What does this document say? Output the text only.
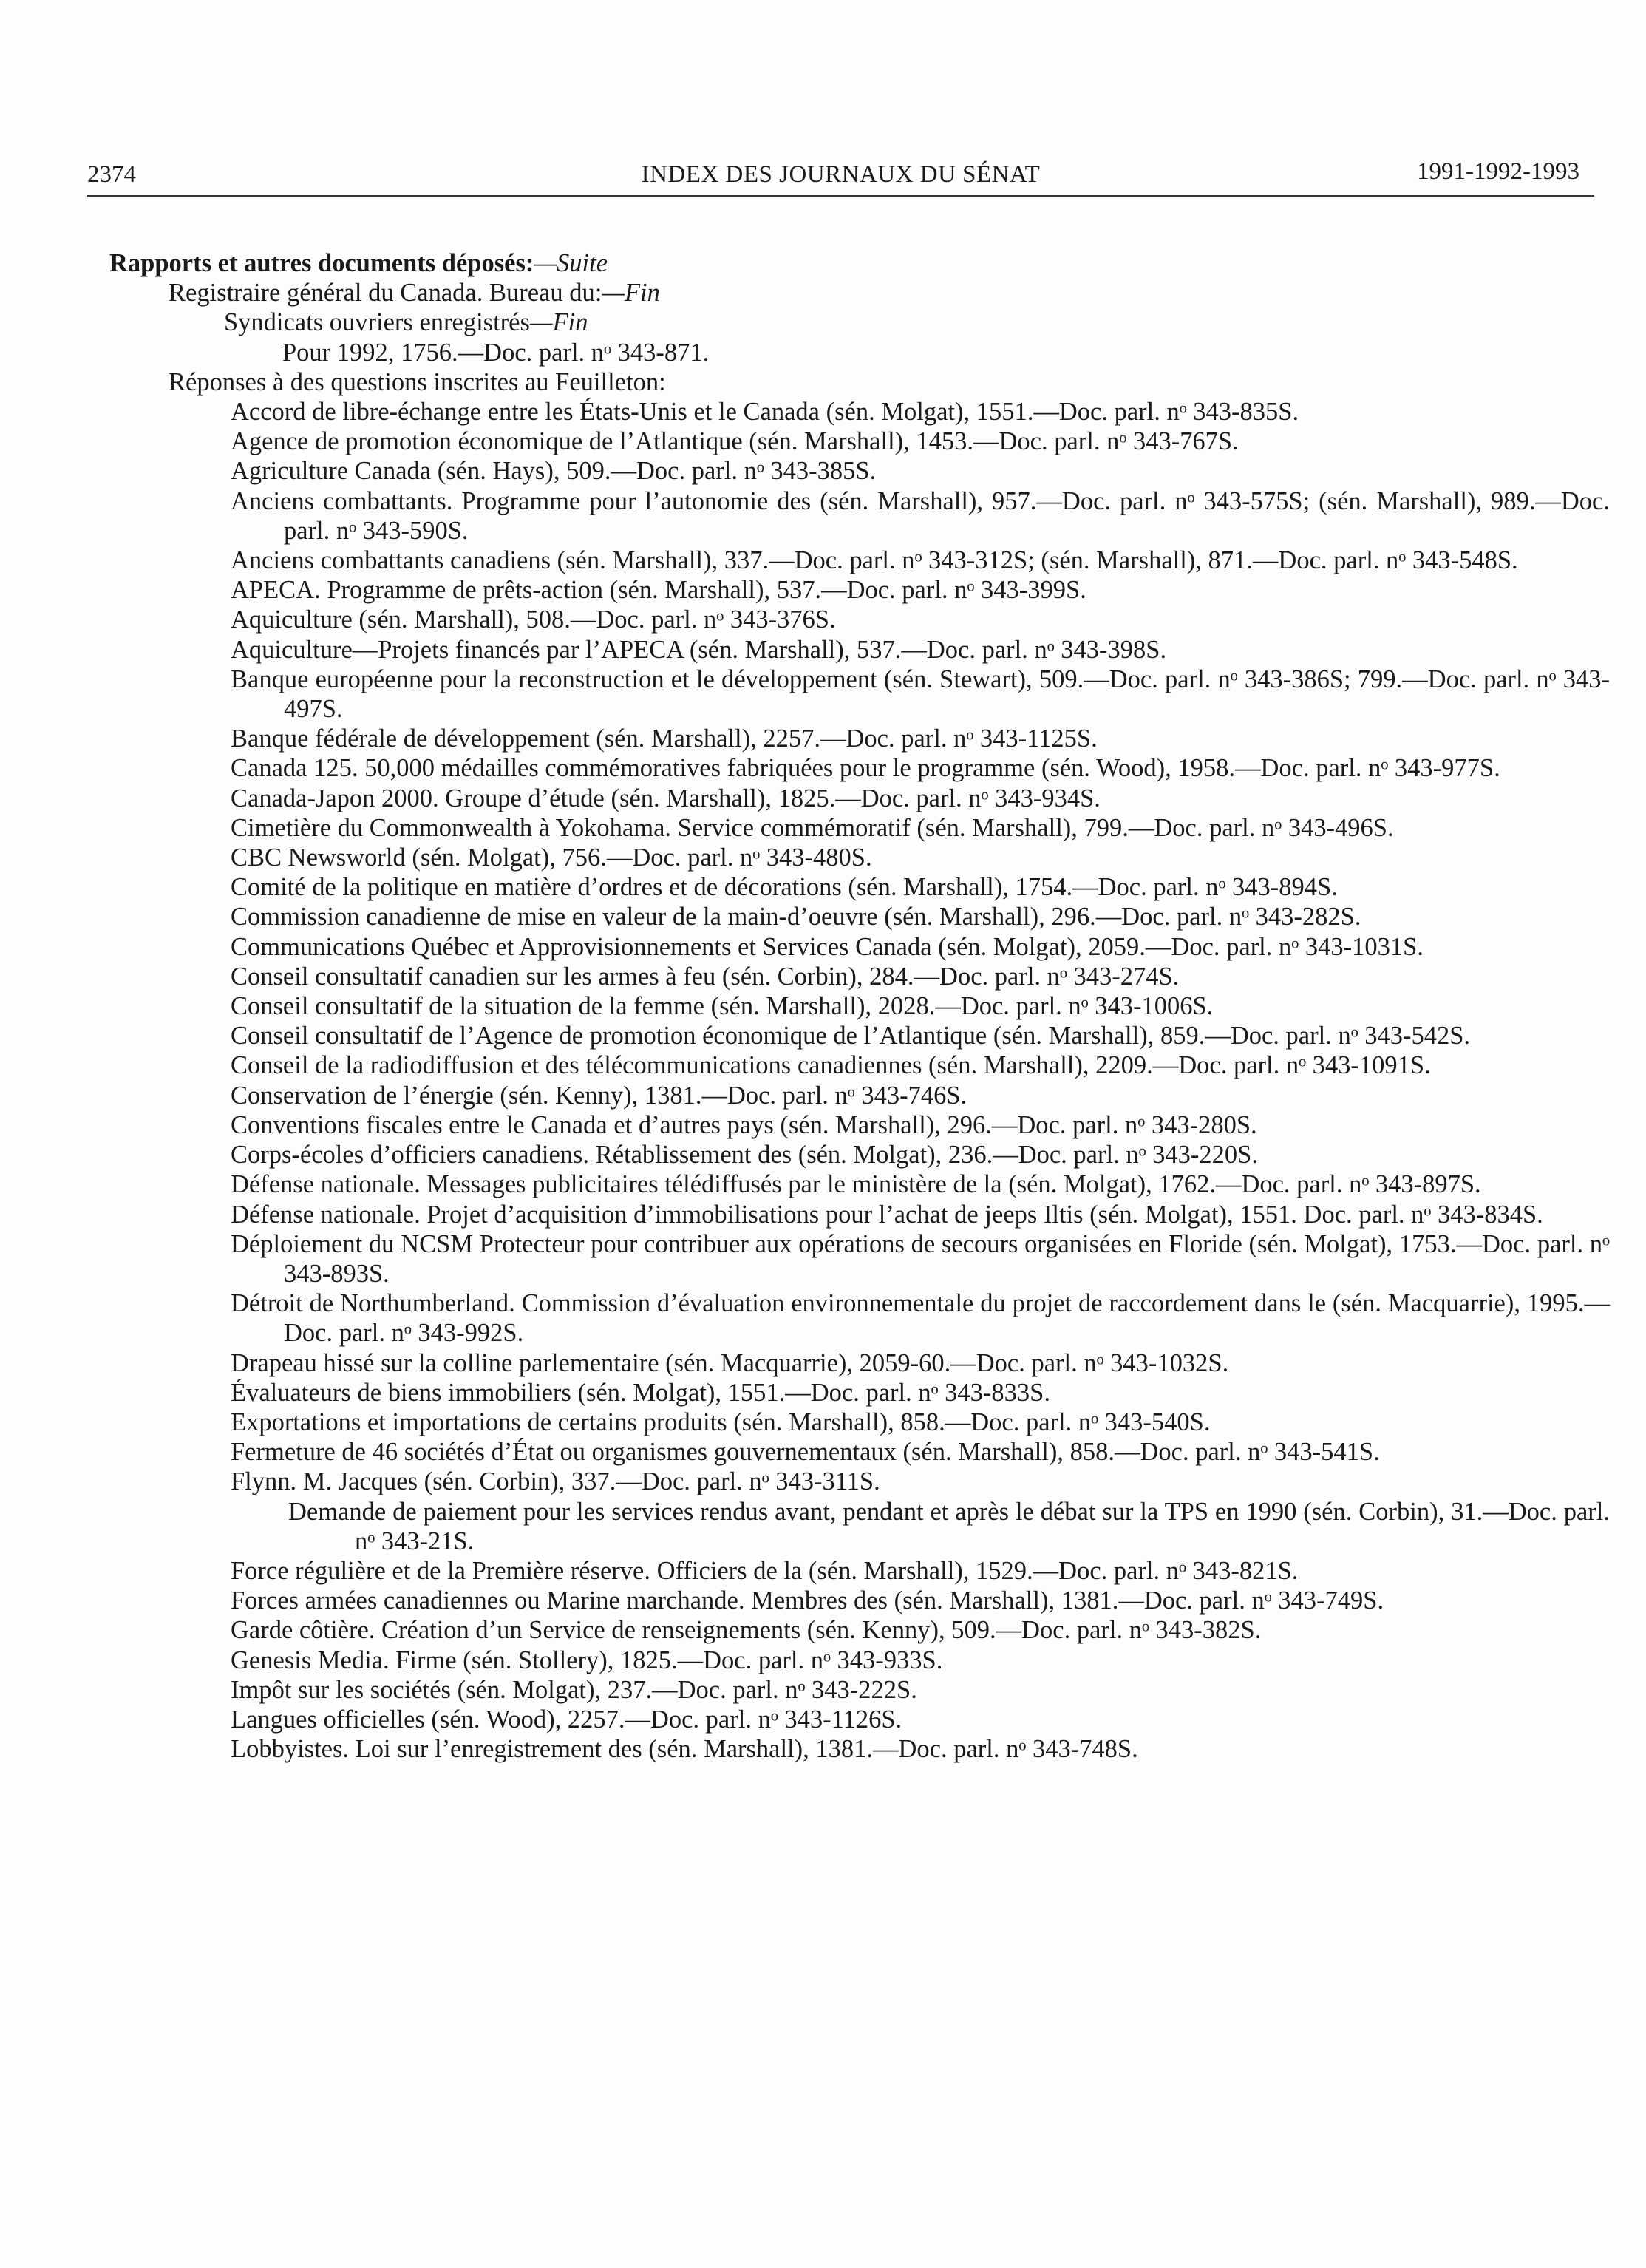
2374	INDEX DES JOURNAUX DU SÉNAT	1991-1992-1993

Rapports et autres documents déposés:—Suite

Registraire général du Canada. Bureau du:—Fin

Syndicats ouvriers enregistrés—Fin

Pour 1992, 1756.—Doc. parl. nᵒ 343-871.

Réponses à des questions inscrites au Feuilleton:

Accord de libre-échange entre les États-Unis et le Canada (sén. Molgat), 1551.—Doc. parl. nᵒ 343-835S.

Agence de promotion économique de l’Atlantique (sén. Marshall), 1453.—Doc. parl. nᵒ 343-767S.

Agriculture Canada (sén. Hays), 509.—Doc. parl. nᵒ 343-385S.

Anciens combattants. Programme pour l’autonomie des (sén. Marshall), 957.—Doc. parl. nᵒ 343-575S; (sén. Marshall), 989.—Doc. parl. nᵒ 343-590S.

Anciens combattants canadiens (sén. Marshall), 337.—Doc. parl. nᵒ 343-312S; (sén. Marshall), 871.—Doc. parl. nᵒ 343-548S.

APECA. Programme de prêts-action (sén. Marshall), 537.—Doc. parl. nᵒ 343-399S.

Aquiculture (sén. Marshall), 508.—Doc. parl. nᵒ 343-376S.

Aquiculture—Projets financés par l’APECA (sén. Marshall), 537.—Doc. parl. nᵒ 343-398S.

Banque européenne pour la reconstruction et le développement (sén. Stewart), 509.—Doc. parl. nᵒ 343-386S; 799.—Doc. parl. nᵒ 343-497S.

Banque fédérale de développement (sén. Marshall), 2257.—Doc. parl. nᵒ 343-1125S.

Canada 125. 50,000 médailles commémoratives fabriquées pour le programme (sén. Wood), 1958.—Doc. parl. nᵒ 343-977S.

Canada-Japon 2000. Groupe d’étude (sén. Marshall), 1825.—Doc. parl. nᵒ 343-934S.

Cimetière du Commonwealth à Yokohama. Service commémoratif (sén. Marshall), 799.—Doc. parl. nᵒ 343-496S.

CBC Newsworld (sén. Molgat), 756.—Doc. parl. nᵒ 343-480S.

Comité de la politique en matière d’ordres et de décorations (sén. Marshall), 1754.—Doc. parl. nᵒ 343-894S.

Commission canadienne de mise en valeur de la main-d’oeuvre (sén. Marshall), 296.—Doc. parl. nᵒ 343-282S.

Communications Québec et Approvisionnements et Services Canada (sén. Molgat), 2059.—Doc. parl. nᵒ 343-1031S.

Conseil consultatif canadien sur les armes à feu (sén. Corbin), 284.—Doc. parl. nᵒ 343-274S.

Conseil consultatif de la situation de la femme (sén. Marshall), 2028.—Doc. parl. nᵒ 343-1006S.

Conseil consultatif de l’Agence de promotion économique de l’Atlantique (sén. Marshall), 859.—Doc. parl. nᵒ 343-542S.

Conseil de la radiodiffusion et des télécommunications canadiennes (sén. Marshall), 2209.—Doc. parl. nᵒ 343-1091S.

Conservation de l’énergie (sén. Kenny), 1381.—Doc. parl. nᵒ 343-746S.

Conventions fiscales entre le Canada et d’autres pays (sén. Marshall), 296.—Doc. parl. nᵒ 343-280S.

Corps-écoles d’officiers canadiens. Rétablissement des (sén. Molgat), 236.—Doc. parl. nᵒ 343-220S.

Défense nationale. Messages publicitaires télédiffusés par le ministère de la (sén. Molgat), 1762.—Doc. parl. nᵒ 343-897S.

Défense nationale. Projet d’acquisition d’immobilisations pour l’achat de jeeps Iltis (sén. Molgat), 1551. Doc. parl. nᵒ 343-834S.

Déploiement du NCSM Protecteur pour contribuer aux opérations de secours organisées en Floride (sén. Molgat), 1753.—Doc. parl. nᵒ 343-893S.

Détroit de Northumberland. Commission d’évaluation environnementale du projet de raccordement dans le (sén. Macquarrie), 1995.—Doc. parl. nᵒ 343-992S.

Drapeau hissé sur la colline parlementaire (sén. Macquarrie), 2059-60.—Doc. parl. nᵒ 343-1032S.

Évaluateurs de biens immobiliers (sén. Molgat), 1551.—Doc. parl. nᵒ 343-833S.

Exportations et importations de certains produits (sén. Marshall), 858.—Doc. parl. nᵒ 343-540S.

Fermeture de 46 sociétés d’État ou organismes gouvernementaux (sén. Marshall), 858.—Doc. parl. nᵒ 343-541S.

Flynn. M. Jacques (sén. Corbin), 337.—Doc. parl. nᵒ 343-311S.

Demande de paiement pour les services rendus avant, pendant et après le débat sur la TPS en 1990 (sén. Corbin), 31.—Doc. parl. nᵒ 343-21S.

Force régulière et de la Première réserve. Officiers de la (sén. Marshall), 1529.—Doc. parl. nᵒ 343-821S.

Forces armées canadiennes ou Marine marchande. Membres des (sén. Marshall), 1381.—Doc. parl. nᵒ 343-749S.

Garde côtière. Création d’un Service de renseignements (sén. Kenny), 509.—Doc. parl. nᵒ 343-382S.

Genesis Media. Firme (sén. Stollery), 1825.—Doc. parl. nᵒ 343-933S.

Impôt sur les sociétés (sén. Molgat), 237.—Doc. parl. nᵒ 343-222S.

Langues officielles (sén. Wood), 2257.—Doc. parl. nᵒ 343-1126S.

Lobbyistes. Loi sur l’enregistrement des (sén. Marshall), 1381.—Doc. parl. nᵒ 343-748S.
